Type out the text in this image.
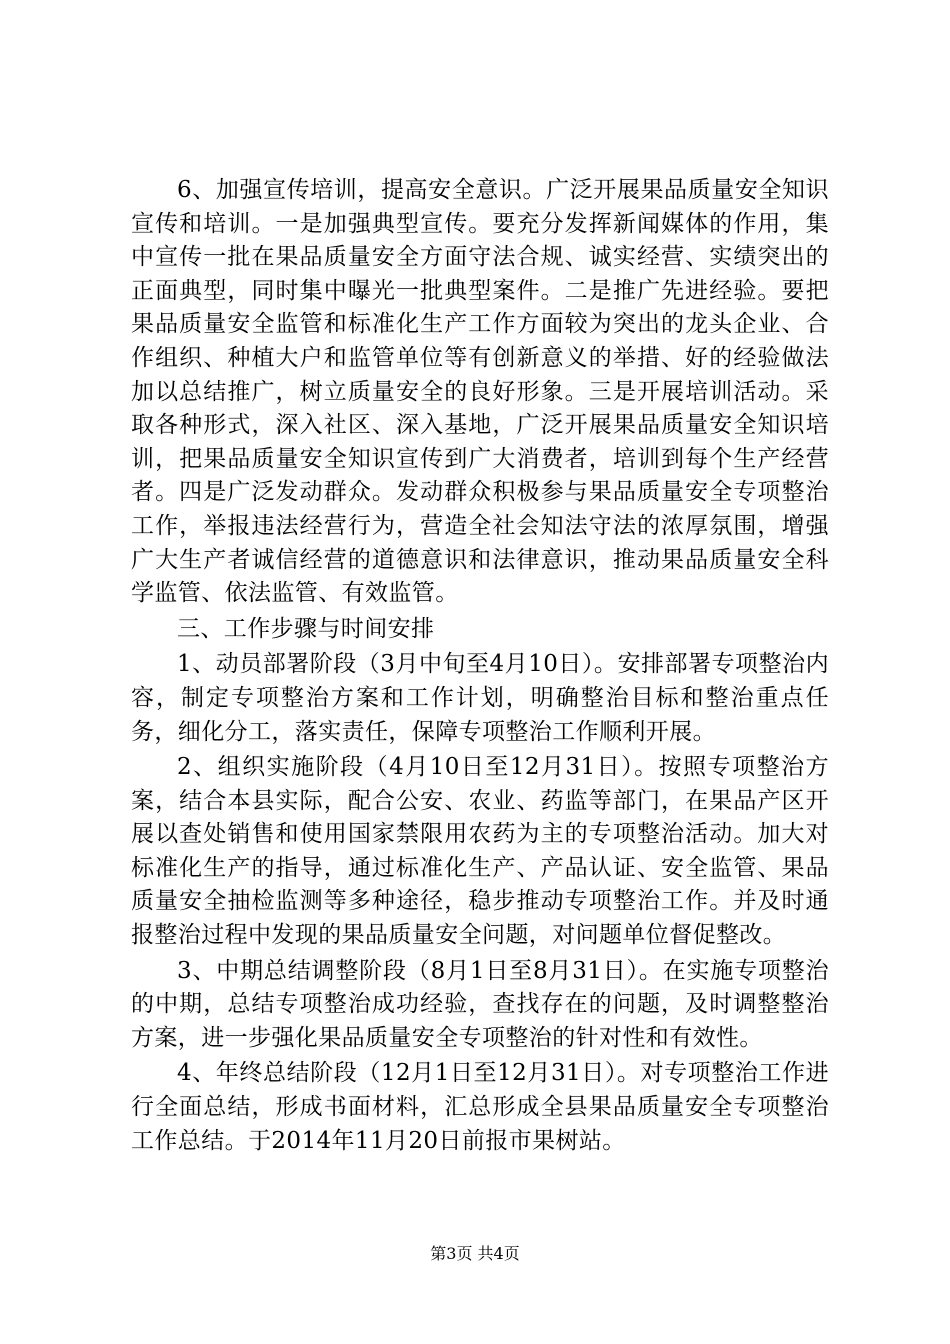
6、加强宣传培训，提高安全意识。广泛开展果品质量安全知识宣传和培训。一是加强典型宣传。要充分发挥新闻媒体的作用，集中宣传一批在果品质量安全方面守法合规、诚实经营、实绩突出的正面典型，同时集中曝光一批典型案件。二是推广先进经验。要把果品质量安全监管和标准化生产工作方面较为突出的龙头企业、合作组织、种植大户和监管单位等有创新意义的举措、好的经验做法加以总结推广，树立质量安全的良好形象。三是开展培训活动。采取各种形式，深入社区、深入基地，广泛开展果品质量安全知识培训，把果品质量安全知识宣传到广大消费者，培训到每个生产经营者。四是广泛发动群众。发动群众积极参与果品质量安全专项整治工作，举报违法经营行为，营造全社会知法守法的浓厚氛围，增强广大生产者诚信经营的道德意识和法律意识，推动果品质量安全科学监管、依法监管、有效监管。

三、工作步骤与时间安排

1、动员部署阶段（3月中旬至4月10日）。安排部署专项整治内容，制定专项整治方案和工作计划，明确整治目标和整治重点任务，细化分工，落实责任，保障专项整治工作顺利开展。

2、组织实施阶段（4月10日至12月31日）。按照专项整治方案，结合本县实际，配合公安、农业、药监等部门，在果品产区开展以查处销售和使用国家禁限用农药为主的专项整治活动。加大对标准化生产的指导，通过标准化生产、产品认证、安全监管、果品质量安全抽检监测等多种途径，稳步推动专项整治工作。并及时通报整治过程中发现的果品质量安全问题，对问题单位督促整改。

3、中期总结调整阶段（8月1日至8月31日）。在实施专项整治的中期，总结专项整治成功经验，查找存在的问题，及时调整整治方案，进一步强化果品质量安全专项整治的针对性和有效性。

4、年终总结阶段（12月1日至12月31日）。对专项整治工作进行全面总结，形成书面材料，汇总形成全县果品质量安全专项整治工作总结。于2014年11月20日前报市果树站。

第3页 共4页
